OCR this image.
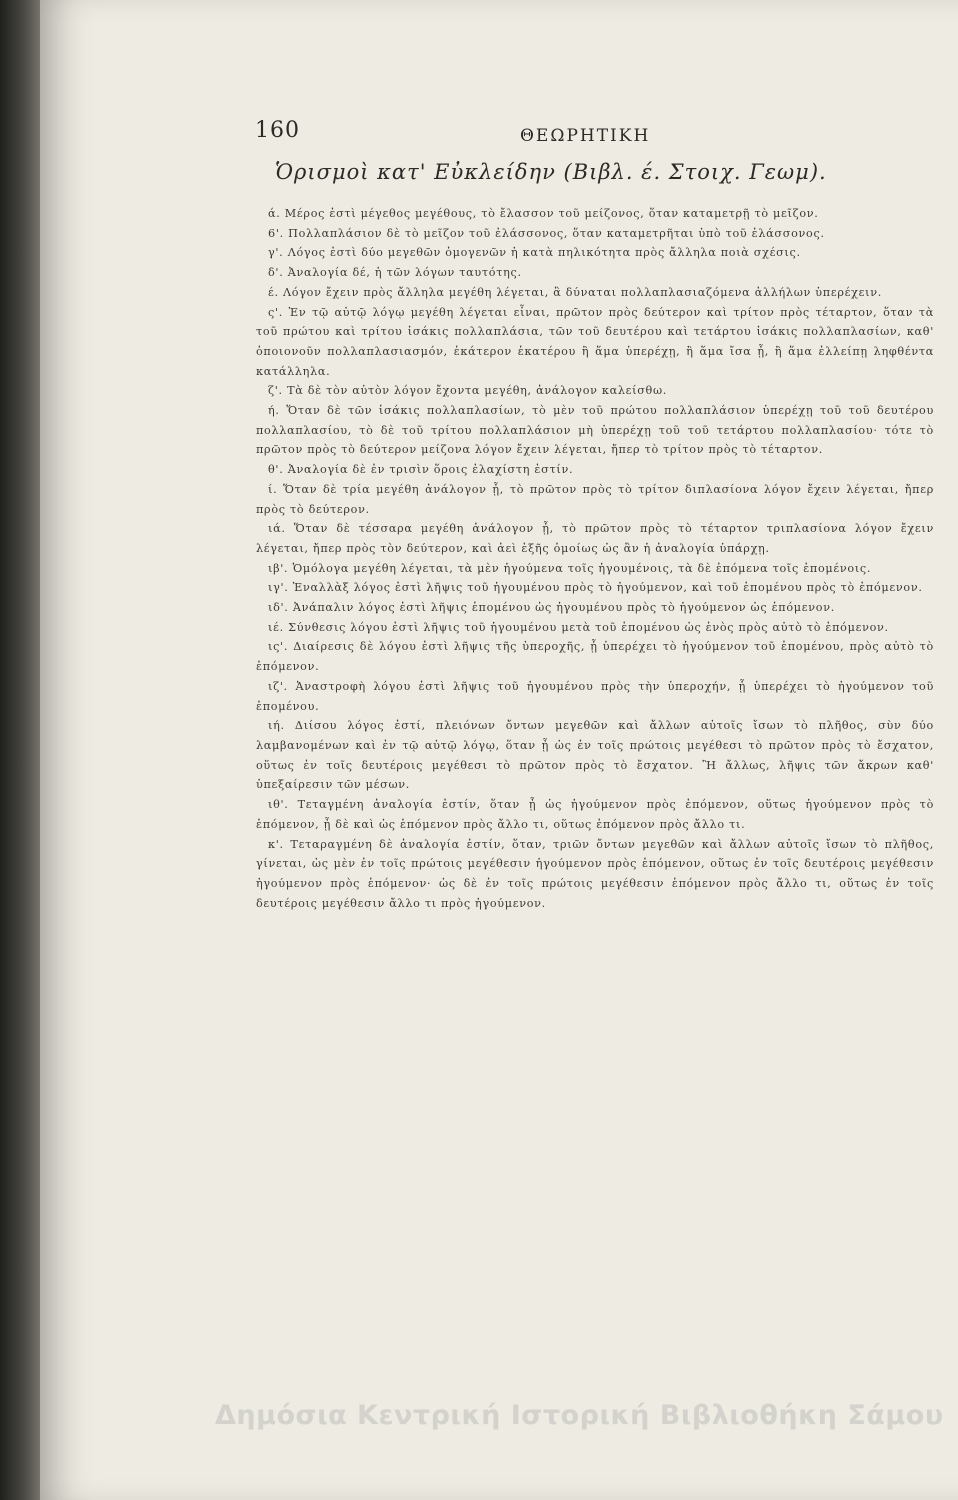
160	ΘΕΩΡΗΤΙΚΗ
Ὁρισμοὶ κατ' Εὐκλείδην (Βιβλ. έ. Στοιχ. Γεωμ).

ά. Μέρος ἐστὶ μέγεθος μεγέθους, τὸ ἔλασσον τοῦ μείζονος, ὅταν καταμετρῇ τὸ μεῖζον.

6'. Πολλαπλάσιον δὲ τὸ μεῖζον τοῦ ἐλάσσονος, ὅταν καταμετρῆται ὑπὸ τοῦ ἐλάσσονος.

γ'. Λόγος ἐστὶ δύο μεγεθῶν ὁμογενῶν ἡ κατὰ πηλικότητα πρὸς ἄλληλα ποιὰ σχέσις.

δ'. Ἀναλογία δέ, ἡ τῶν λόγων ταυτότης.

έ. Λόγον ἔχειν πρὸς ἄλληλα μεγέθη λέγεται, ἃ δύναται πολλαπλασιαζόμενα ἀλλήλων ὑπερέχειν.

ς'. Ἐν τῷ αὐτῷ λόγῳ μεγέθη λέγεται εἶναι, πρῶτον πρὸς δεύτερον καὶ τρίτον πρὸς τέταρτον, ὅταν τὰ τοῦ πρώτου καὶ τρίτου ἰσάκις πολλαπλάσια, τῶν τοῦ δευτέρου καὶ τετάρτου ἰσάκις πολλαπλασίων, καθ' ὁποιονοῦν πολλαπλασιασμόν, ἑκάτερον ἑκατέρου ἢ ἅμα ὑπερέχῃ, ἢ ἅμα ἴσα ᾖ, ἢ ἅμα ἐλλείπῃ ληφθέντα κατάλληλα.

ζ'. Τὰ δὲ τὸν αὐτὸν λόγον ἔχοντα μεγέθη, ἀνάλογον καλείσθω.

ή. Ὅταν δὲ τῶν ἰσάκις πολλαπλασίων, τὸ μὲν τοῦ πρώτου πολλαπλάσιον ὑπερέχῃ τοῦ τοῦ δευτέρου πολλαπλασίου, τὸ δὲ τοῦ τρίτου πολλαπλάσιον μὴ ὑπερέχῃ τοῦ τοῦ τετάρτου πολλαπλασίου· τότε τὸ πρῶτον πρὸς τὸ δεύτερον μείζονα λόγον ἔχειν λέγεται, ἤπερ τὸ τρίτον πρὸς τὸ τέταρτον.

θ'. Ἀναλογία δὲ ἐν τρισὶν ὅροις ἐλαχίστη ἐστίν.

ί. Ὅταν δὲ τρία μεγέθη ἀνάλογον ᾖ, τὸ πρῶτον πρὸς τὸ τρίτον διπλασίονα λόγον ἔχειν λέγεται, ἤπερ πρὸς τὸ δεύτερον.

ιά. Ὅταν δὲ τέσσαρα μεγέθη ἀνάλογον ᾖ, τὸ πρῶτον πρὸς τὸ τέταρτον τριπλασίονα λόγον ἔχειν λέγεται, ἤπερ πρὸς τὸν δεύτερον, καὶ ἀεὶ ἑξῆς ὁμοίως ὡς ἂν ἡ ἀναλογία ὑπάρχῃ.

ιβ'. Ὁμόλογα μεγέθη λέγεται, τὰ μὲν ἡγούμενα τοῖς ἡγουμένοις, τὰ δὲ ἑπόμενα τοῖς ἑπομένοις.

ιγ'. Ἐναλλὰξ λόγος ἐστὶ λῆψις τοῦ ἡγουμένου πρὸς τὸ ἡγούμενον, καὶ τοῦ ἑπομένου πρὸς τὸ ἑπόμενον.

ιδ'. Ἀνάπαλιν λόγος ἐστὶ λῆψις ἑπομένου ὡς ἡγουμένου πρὸς τὸ ἡγούμενον ὡς ἑπόμενον.

ιέ. Σύνθεσις λόγου ἐστὶ λῆψις τοῦ ἡγουμένου μετὰ τοῦ ἑπομένου ὡς ἑνὸς πρὸς αὐτὸ τὸ ἑπόμενον.

ις'. Διαίρεσις δὲ λόγου ἐστὶ λῆψις τῆς ὑπεροχῆς, ᾗ ὑπερέχει τὸ ἡγούμενον τοῦ ἑπομένου, πρὸς αὐτὸ τὸ ἑπόμενον.

ιζ'. Ἀναστροφὴ λόγου ἐστὶ λῆψις τοῦ ἡγουμένου πρὸς τὴν ὑπεροχήν, ᾗ ὑπερέχει τὸ ἡγούμενον τοῦ ἑπομένου.

ιή. Διίσου λόγος ἐστί, πλειόνων ὄντων μεγεθῶν καὶ ἄλλων αὐτοῖς ἴσων τὸ πλῆθος, σὺν δύο λαμβανομένων καὶ ἐν τῷ αὐτῷ λόγῳ, ὅταν ᾖ ὡς ἐν τοῖς πρώτοις μεγέθεσι τὸ πρῶτον πρὸς τὸ ἔσχατον, οὕτως ἐν τοῖς δευτέροις μεγέθεσι τὸ πρῶτον πρὸς τὸ ἔσχατον. Ἢ ἄλλως, λῆψις τῶν ἄκρων καθ' ὑπεξαίρεσιν τῶν μέσων.

ιθ'. Τεταγμένη ἀναλογία ἐστίν, ὅταν ᾖ ὡς ἡγούμενον πρὸς ἑπόμενον, οὕτως ἡγούμενον πρὸς τὸ ἑπόμενον, ᾖ δὲ καὶ ὡς ἑπόμενον πρὸς ἄλλο τι, οὕτως ἑπόμενον πρὸς ἄλλο τι.

κ'. Τεταραγμένη δὲ ἀναλογία ἐστίν, ὅταν, τριῶν ὄντων μεγεθῶν καὶ ἄλλων αὐτοῖς ἴσων τὸ πλῆθος, γίνεται, ὡς μὲν ἐν τοῖς πρώτοις μεγέθεσιν ἡγούμενον πρὸς ἑπόμενον, οὕτως ἐν τοῖς δευτέροις μεγέθεσιν ἡγούμενον πρὸς ἑπόμενον· ὡς δὲ ἐν τοῖς πρώτοις μεγέθεσιν ἑπόμενον πρὸς ἄλλο τι, οὕτως ἐν τοῖς δευτέροις μεγέθεσιν ἄλλο τι πρὸς ἡγούμενον.

Δημόσια Κεντρική Ιστορική Βιβλιοθήκη Σάμου
